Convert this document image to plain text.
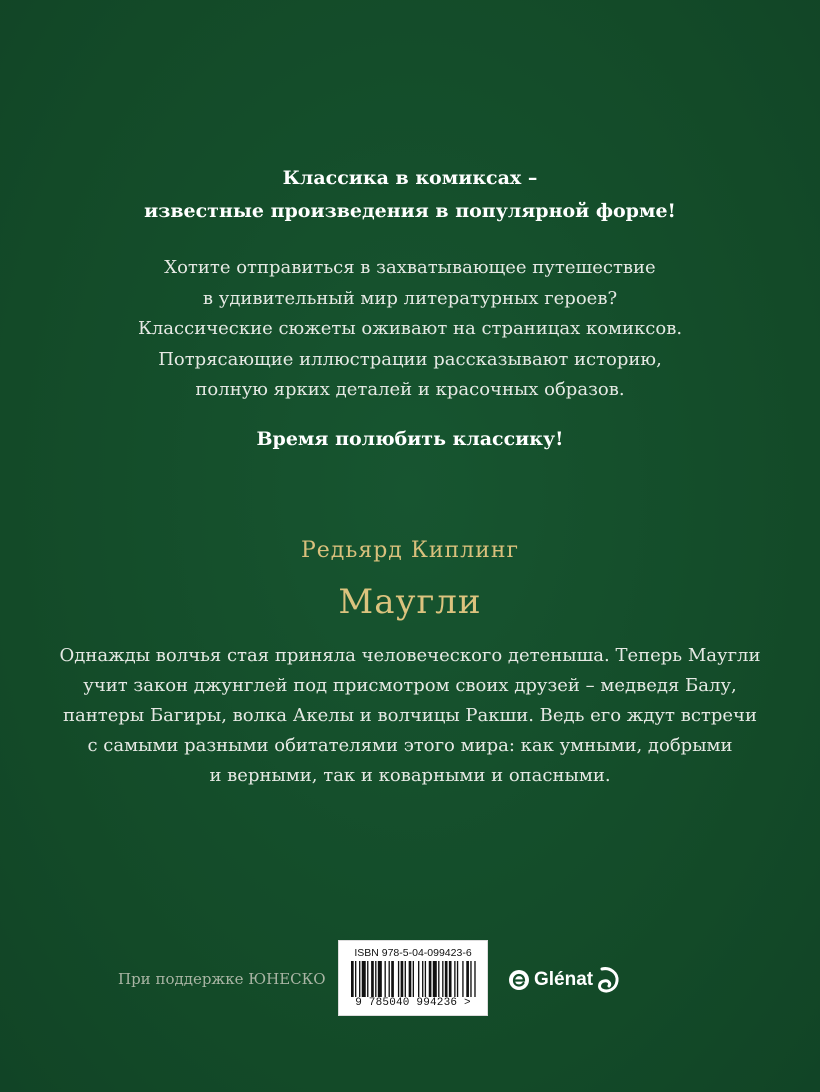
Классика в комиксах –
известные произведения в популярной форме!
Хотите отправиться в захватывающее путешествие
в удивительный мир литературных героев?
Классические сюжеты оживают на страницах комиксов.
Потрясающие иллюстрации рассказывают историю,
полную ярких деталей и красочных образов.
Время полюбить классику!
Редьярд Киплинг
Маугли
Однажды волчья стая приняла человеческого детеныша. Теперь Маугли
учит закон джунглей под присмотром своих друзей – медведя Балу,
пантеры Багиры, волка Акелы и волчицы Ракши. Ведь его ждут встречи
с самыми разными обитателями этого мира: как умными, добрыми
и верными, так и коварными и опасными.
При поддержке ЮНЕСКО
ISBN 978-5-04-099423-6
9 785040 994236 >
Glénat
